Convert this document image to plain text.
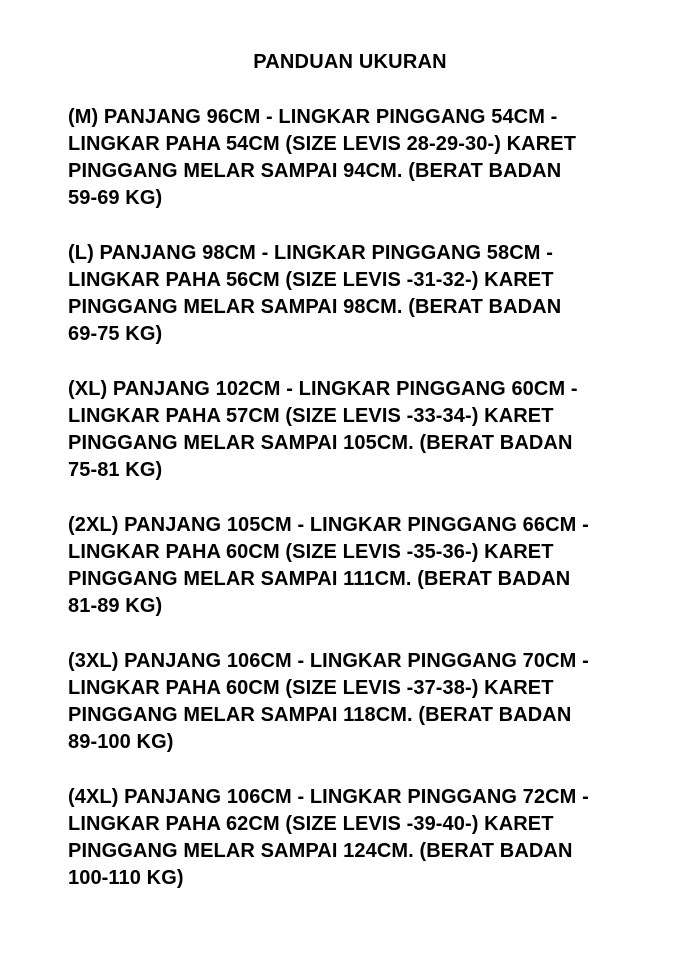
PANDUAN UKURAN
(M) PANJANG 96CM - LINGKAR PINGGANG 54CM -
LINGKAR PAHA 54CM (SIZE LEVIS 28-29-30-) KARET
PINGGANG MELAR SAMPAI 94CM. (BERAT BADAN
59-69 KG)
(L) PANJANG 98CM - LINGKAR PINGGANG 58CM -
LINGKAR PAHA 56CM (SIZE LEVIS -31-32-) KARET
PINGGANG MELAR SAMPAI 98CM. (BERAT BADAN
69-75 KG)
(XL) PANJANG 102CM - LINGKAR PINGGANG 60CM -
LINGKAR PAHA 57CM (SIZE LEVIS -33-34-) KARET
PINGGANG MELAR SAMPAI 105CM. (BERAT BADAN
75-81 KG)
(2XL) PANJANG 105CM - LINGKAR PINGGANG 66CM -
LINGKAR PAHA 60CM (SIZE LEVIS -35-36-) KARET
PINGGANG MELAR SAMPAI 111CM. (BERAT BADAN
81-89 KG)
(3XL) PANJANG 106CM - LINGKAR PINGGANG 70CM -
LINGKAR PAHA 60CM (SIZE LEVIS -37-38-) KARET
PINGGANG MELAR SAMPAI 118CM. (BERAT BADAN
89-100 KG)
(4XL) PANJANG 106CM - LINGKAR PINGGANG 72CM -
LINGKAR PAHA 62CM (SIZE LEVIS -39-40-) KARET
PINGGANG MELAR SAMPAI 124CM. (BERAT BADAN
100-110 KG)
